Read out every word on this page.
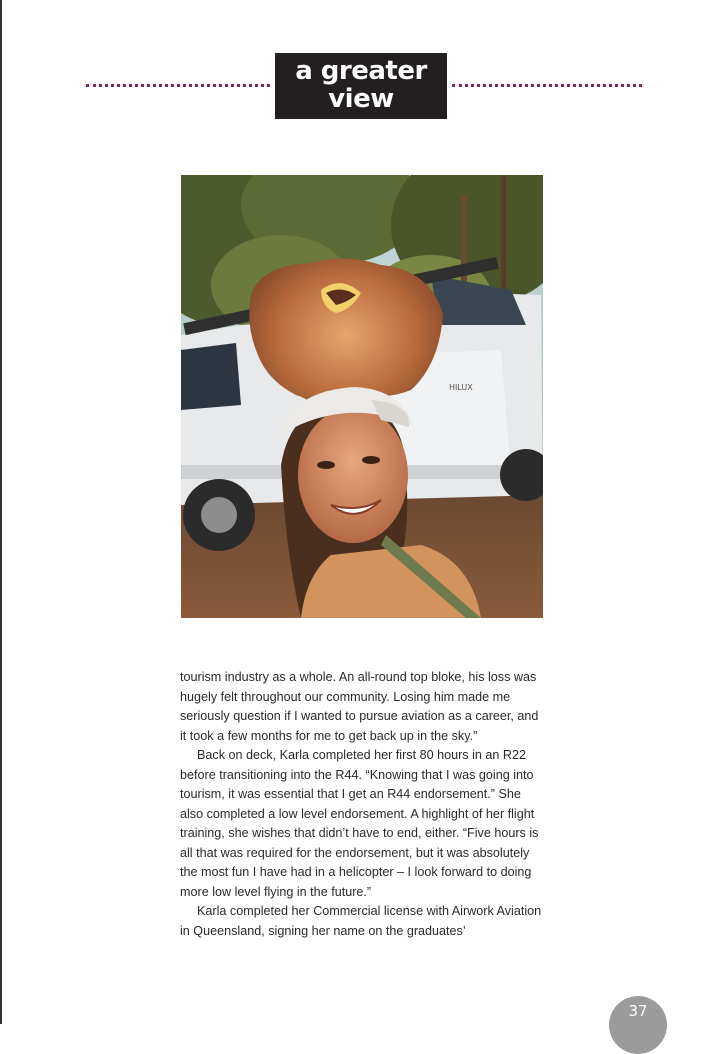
a greater
view
HILUX

tourism industry as a whole. An all-round top bloke, his loss was hugely felt throughout our community. Losing him made me seriously question if I wanted to pursue aviation as a career, and it took a few months for me to get back up in the sky.”

Back on deck, Karla completed her first 80 hours in an R22 before transitioning into the R44. “Knowing that I was going into tourism, it was essential that I get an R44 endorsement.” She also completed a low level endorsement. A highlight of her flight training, she wishes that didn’t have to end, either. “Five hours is all that was required for the endorsement, but it was absolutely the most fun I have had in a helicopter – I look forward to doing more low level flying in the future.”

Karla completed her Commercial license with Airwork Aviation in Queensland, signing her name on the graduates’

37
